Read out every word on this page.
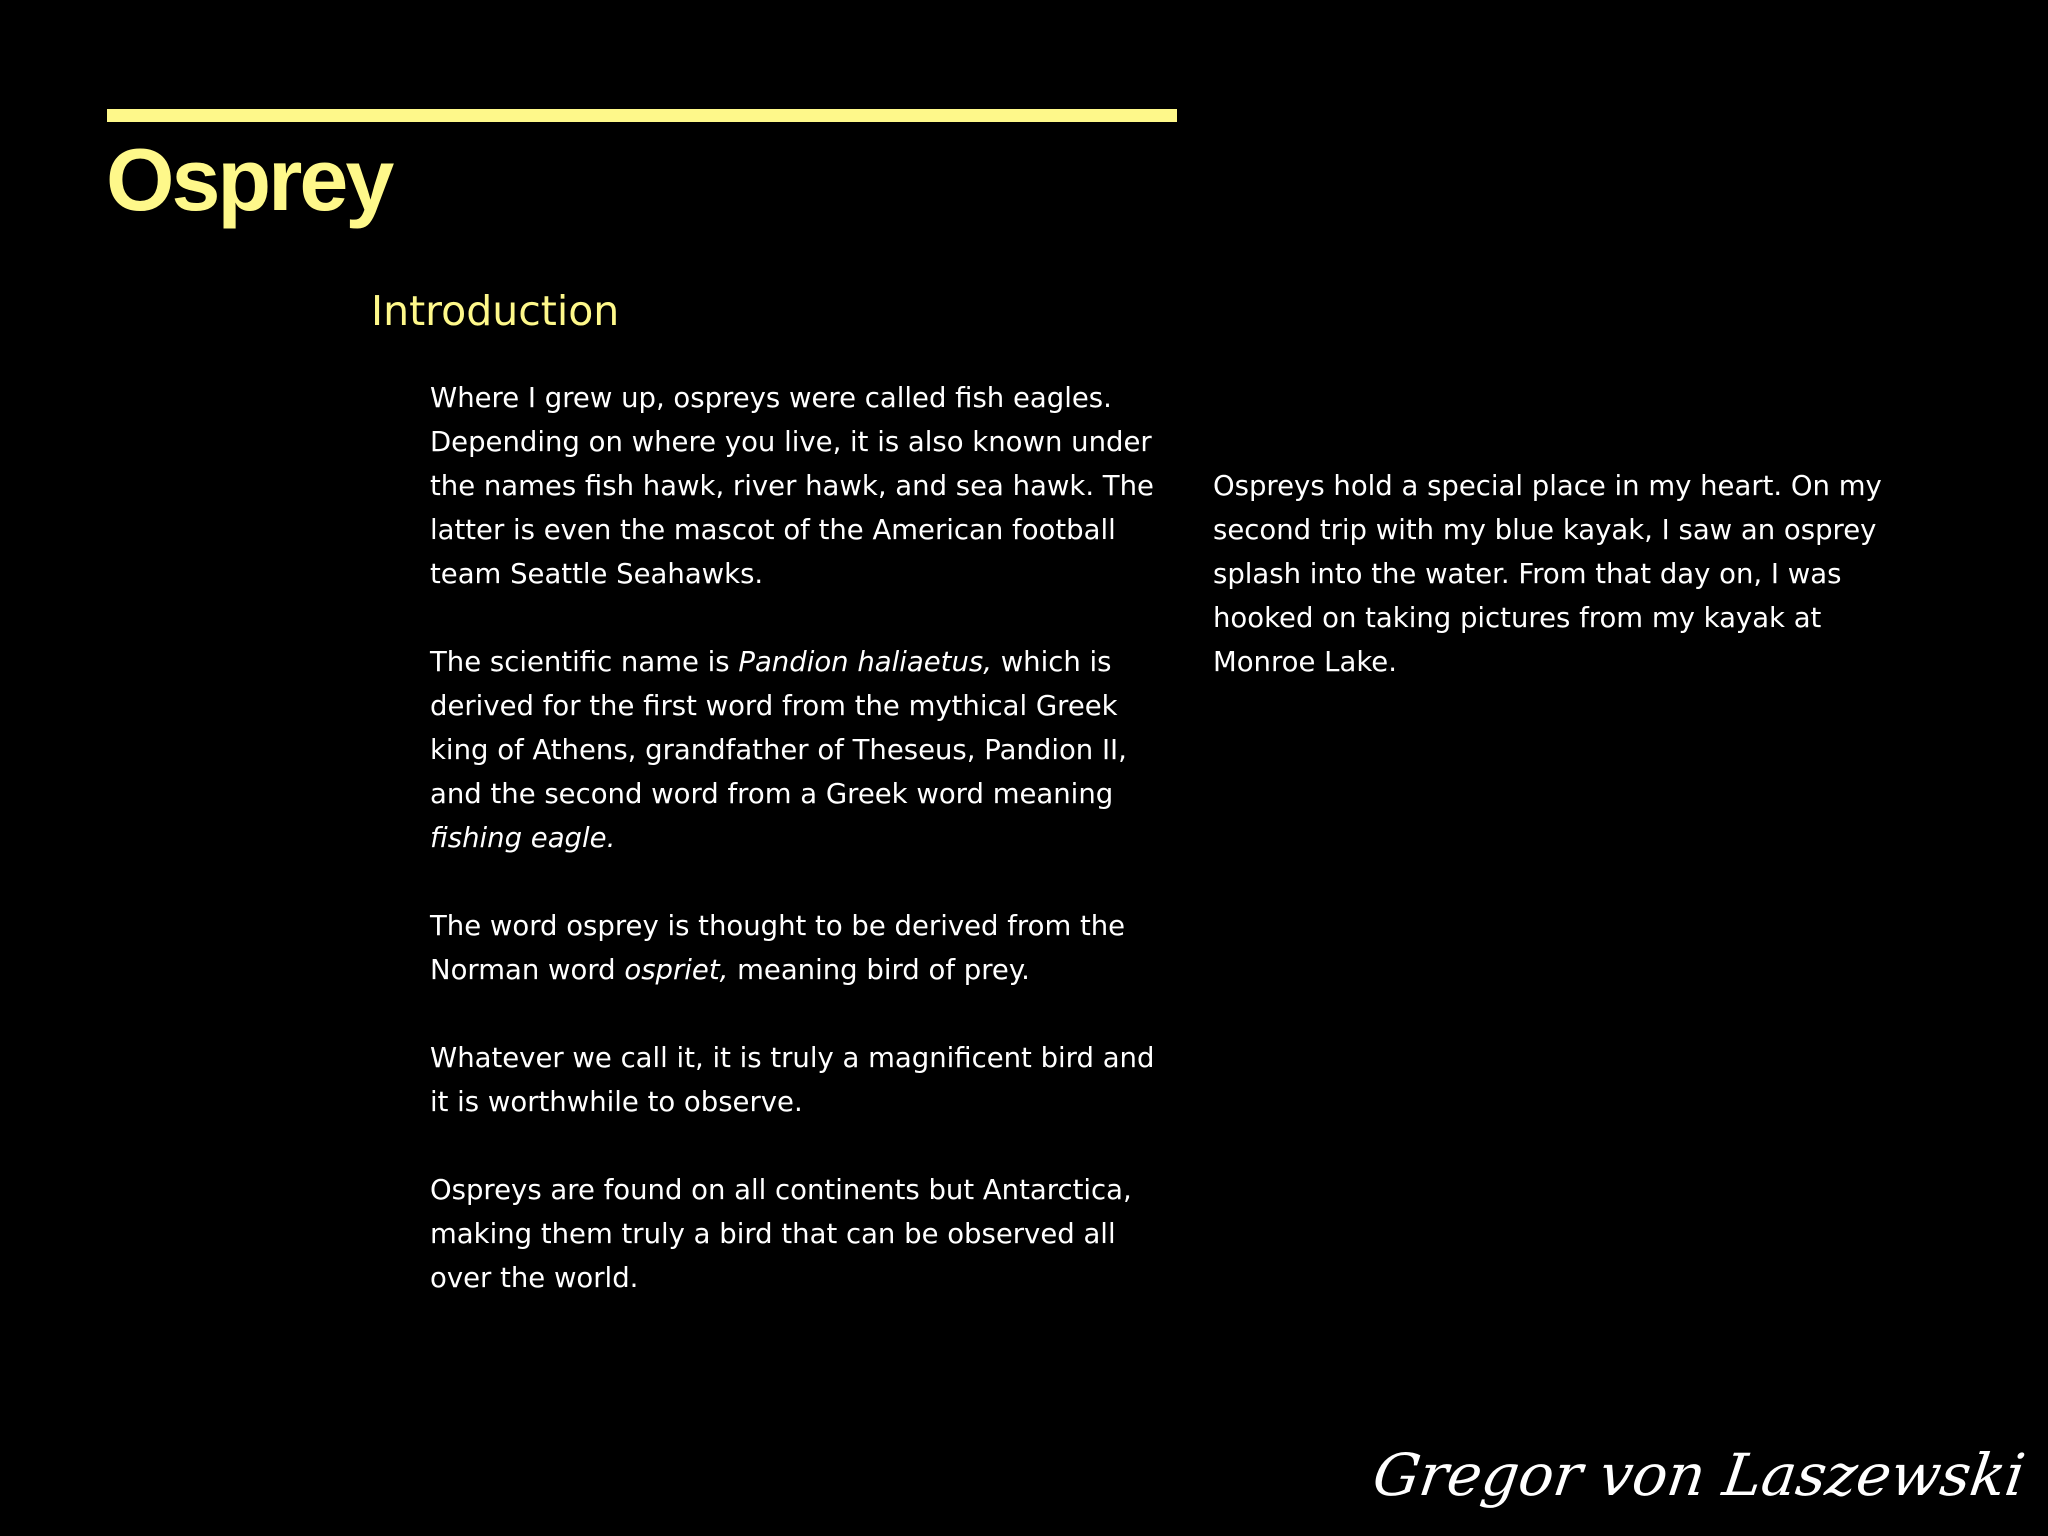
Osprey
Introduction

Where I grew up, ospreys were called fish eagles. Depending on where you live, it is also known under the names fish hawk, river hawk, and sea hawk. The latter is even the mascot of the American football team Seattle Seahawks.

The scientific name is Pandion haliaetus, which is derived for the first word from the mythical Greek king of Athens, grandfather of Theseus, Pandion II, and the second word from a Greek word meaning fishing eagle.

The word osprey is thought to be derived from the Norman word ospriet, meaning bird of prey.

Whatever we call it, it is truly a magnificent bird and it is worthwhile to observe.

Ospreys are found on all continents but Antarctica, making them truly a bird that can be observed all over the world.

Ospreys hold a special place in my heart. On my second trip with my blue kayak, I saw an osprey splash into the water. From that day on, I was hooked on taking pictures from my kayak at Monroe Lake.

Gregor von Laszewski
